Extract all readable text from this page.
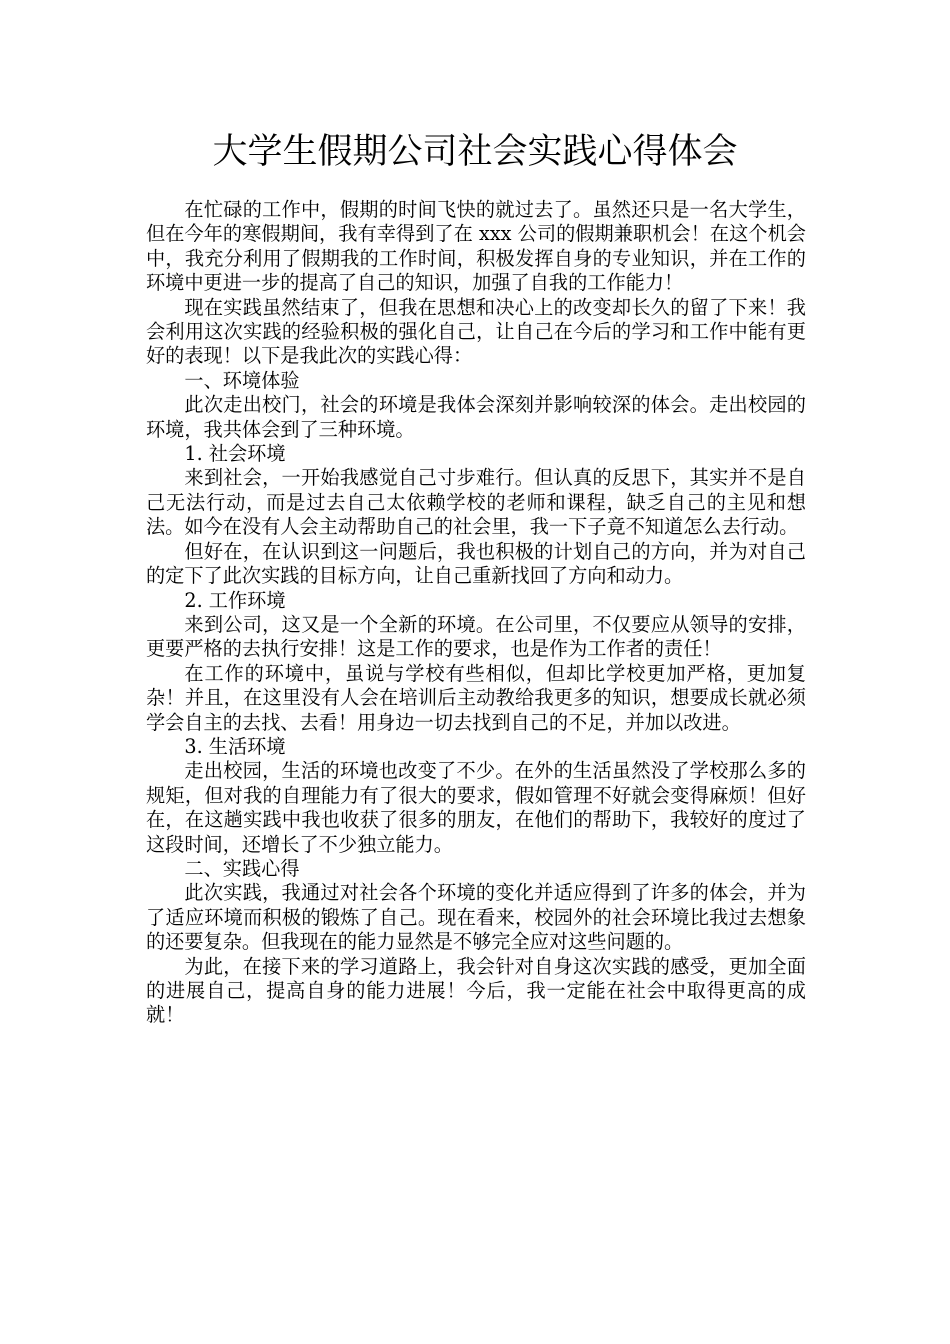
大学生假期公司社会实践心得体会

在忙碌的工作中，假期的时间飞快的就过去了。虽然还只是一名大学生，但在今年的寒假期间，我有幸得到了在 xxx 公司的假期兼职机会！在这个机会中，我充分利用了假期我的工作时间，积极发挥自身的专业知识，并在工作的环境中更进一步的提高了自己的知识，加强了自我的工作能力！

现在实践虽然结束了，但我在思想和决心上的改变却长久的留了下来！我会利用这次实践的经验积极的强化自己，让自己在今后的学习和工作中能有更好的表现！以下是我此次的实践心得：

一、环境体验

此次走出校门，社会的环境是我体会深刻并影响较深的体会。走出校园的环境，我共体会到了三种环境。

1. 社会环境

来到社会，一开始我感觉自己寸步难行。但认真的反思下，其实并不是自己无法行动，而是过去自己太依赖学校的老师和课程，缺乏自己的主见和想法。如今在没有人会主动帮助自己的社会里，我一下子竟不知道怎么去行动。

但好在，在认识到这一问题后，我也积极的计划自己的方向，并为对自己的定下了此次实践的目标方向，让自己重新找回了方向和动力。

2. 工作环境

来到公司，这又是一个全新的环境。在公司里，不仅要应从领导的安排，更要严格的去执行安排！这是工作的要求，也是作为工作者的责任！

在工作的环境中，虽说与学校有些相似，但却比学校更加严格，更加复杂！并且，在这里没有人会在培训后主动教给我更多的知识，想要成长就必须学会自主的去找、去看！用身边一切去找到自己的不足，并加以改进。

3. 生活环境

走出校园，生活的环境也改变了不少。在外的生活虽然没了学校那么多的规矩，但对我的自理能力有了很大的要求，假如管理不好就会变得麻烦！但好在，在这趟实践中我也收获了很多的朋友，在他们的帮助下，我较好的度过了这段时间，还增长了不少独立能力。

二、实践心得

此次实践，我通过对社会各个环境的变化并适应得到了许多的体会，并为了适应环境而积极的锻炼了自己。现在看来，校园外的社会环境比我过去想象的还要复杂。但我现在的能力显然是不够完全应对这些问题的。

为此，在接下来的学习道路上，我会针对自身这次实践的感受，更加全面的进展自己，提高自身的能力进展！今后，我一定能在社会中取得更高的成就！
